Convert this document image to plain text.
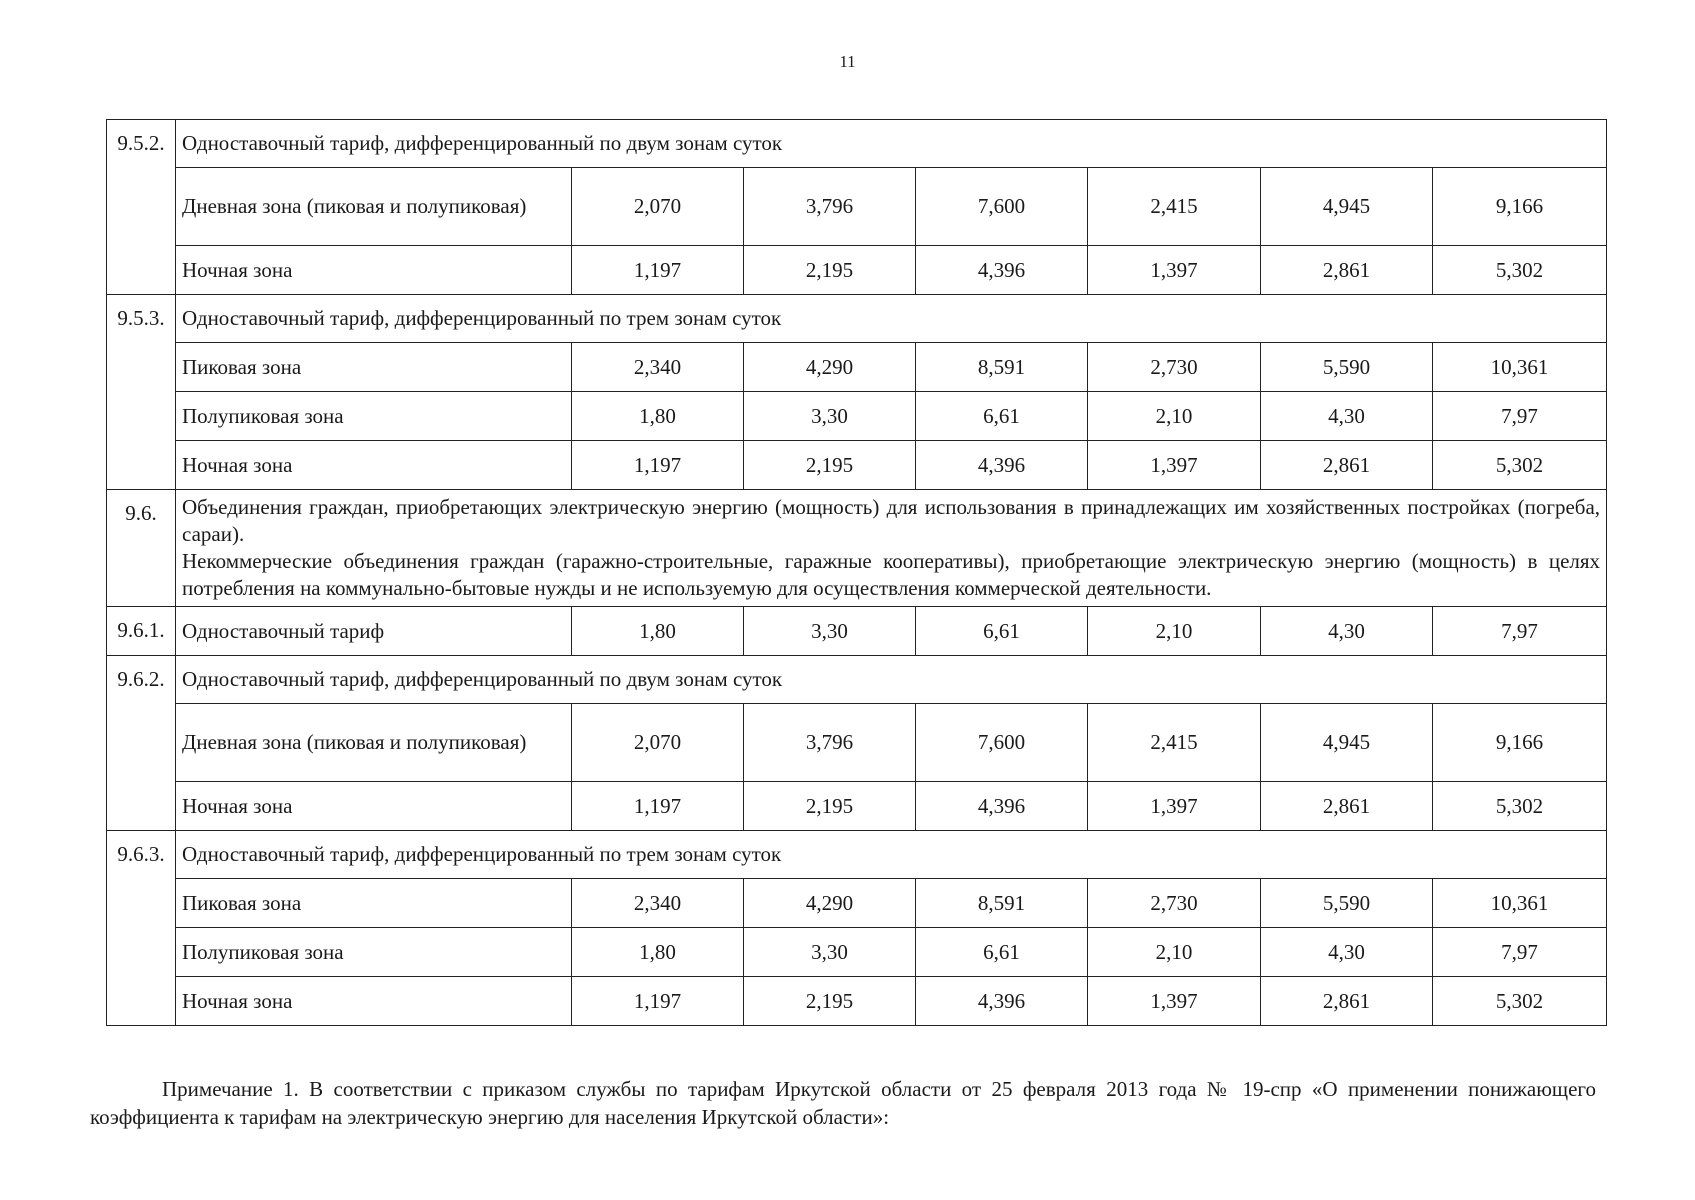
11
9.5.2.	Одноставочный тариф, дифференцированный по двум зонам суток						
	Дневная зона (пиковая и полупиковая)	2,070	3,796	7,600	2,415	4,945	9,166
	Ночная зона	1,197	2,195	4,396	1,397	2,861	5,302
9.5.3.	Одноставочный тариф, дифференцированный по трем зонам суток						
	Пиковая зона	2,340	4,290	8,591	2,730	5,590	10,361
	Полупиковая зона	1,80	3,30	6,61	2,10	4,30	7,97
	Ночная зона	1,197	2,195	4,396	1,397	2,861	5,302
9.6.	Объединения граждан, приобретающих электрическую энергию (мощность) для использования в принадлежащих им хозяйственных постройках (погреба, сараи).

Некоммерческие объединения граждан (гаражно-строительные, гаражные кооперативы), приобретающие электрическую энергию (мощность) в целях потребления на коммунально-бытовые нужды и не используемую для осуществления коммерческой деятельности.						

9.6.1.	Одноставочный тариф	1,80	3,30	6,61	2,10	4,30	7,97
9.6.2.	Одноставочный тариф, дифференцированный по двум зонам суток						
	Дневная зона (пиковая и полупиковая)	2,070	3,796	7,600	2,415	4,945	9,166
	Ночная зона	1,197	2,195	4,396	1,397	2,861	5,302
9.6.3.	Одноставочный тариф, дифференцированный по трем зонам суток						
	Пиковая зона	2,340	4,290	8,591	2,730	5,590	10,361
	Полупиковая зона	1,80	3,30	6,61	2,10	4,30	7,97
	Ночная зона	1,197	2,195	4,396	1,397	2,861	5,302
Примечание 1. В соответствии с приказом службы по тарифам Иркутской области от 25 февраля 2013 года № 19-спр «О применении понижающего коэффициента к тарифам на электрическую энергию для населения Иркутской области»:
